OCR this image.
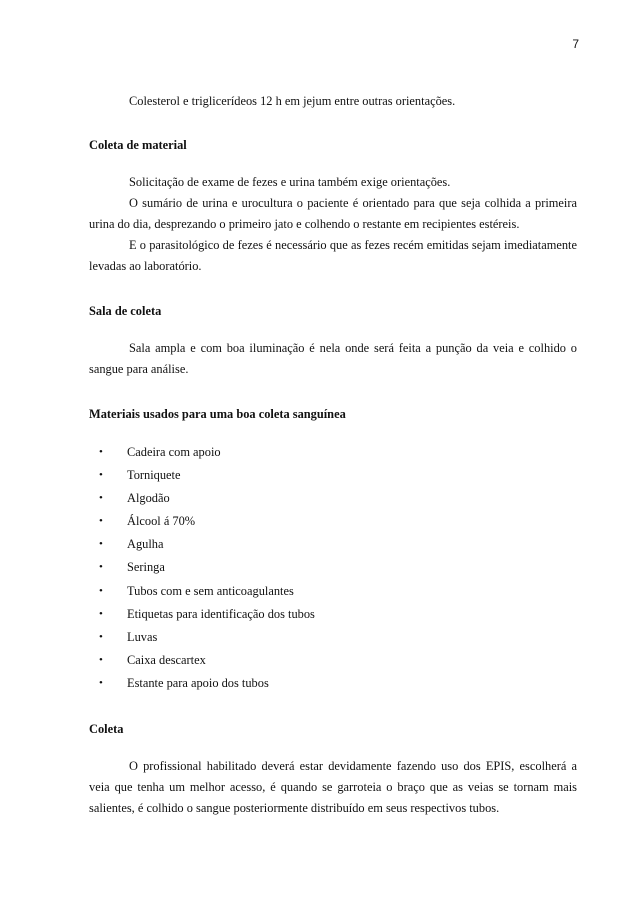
7

Colesterol e triglicerídeos 12 h em jejum entre outras orientações.

Coleta de material

Solicitação de exame de fezes e urina também exige orientações.

O sumário de urina e urocultura o paciente é orientado para que seja colhida a primeira urina do dia, desprezando o primeiro jato e colhendo o restante em recipientes estéreis.

E o parasitológico de fezes é necessário que as fezes recém emitidas sejam imediatamente levadas ao laboratório.

Sala de coleta

Sala ampla e com boa iluminação é nela onde será feita a punção da veia e colhido o sangue para análise.

Materiais usados para uma boa coleta sanguínea
• Cadeira com apoio
• Torniquete
• Algodão
• Álcool á 70%
• Agulha
• Seringa
• Tubos com e sem anticoagulantes
• Etiquetas para identificação dos tubos
• Luvas
• Caixa descartex
• Estante para apoio dos tubos
Coleta

O profissional habilitado deverá estar devidamente fazendo uso dos EPIS, escolherá a veia que tenha um melhor acesso, é quando se garroteia o braço que as veias se tornam mais salientes, é colhido o sangue posteriormente distribuído em seus respectivos tubos.
